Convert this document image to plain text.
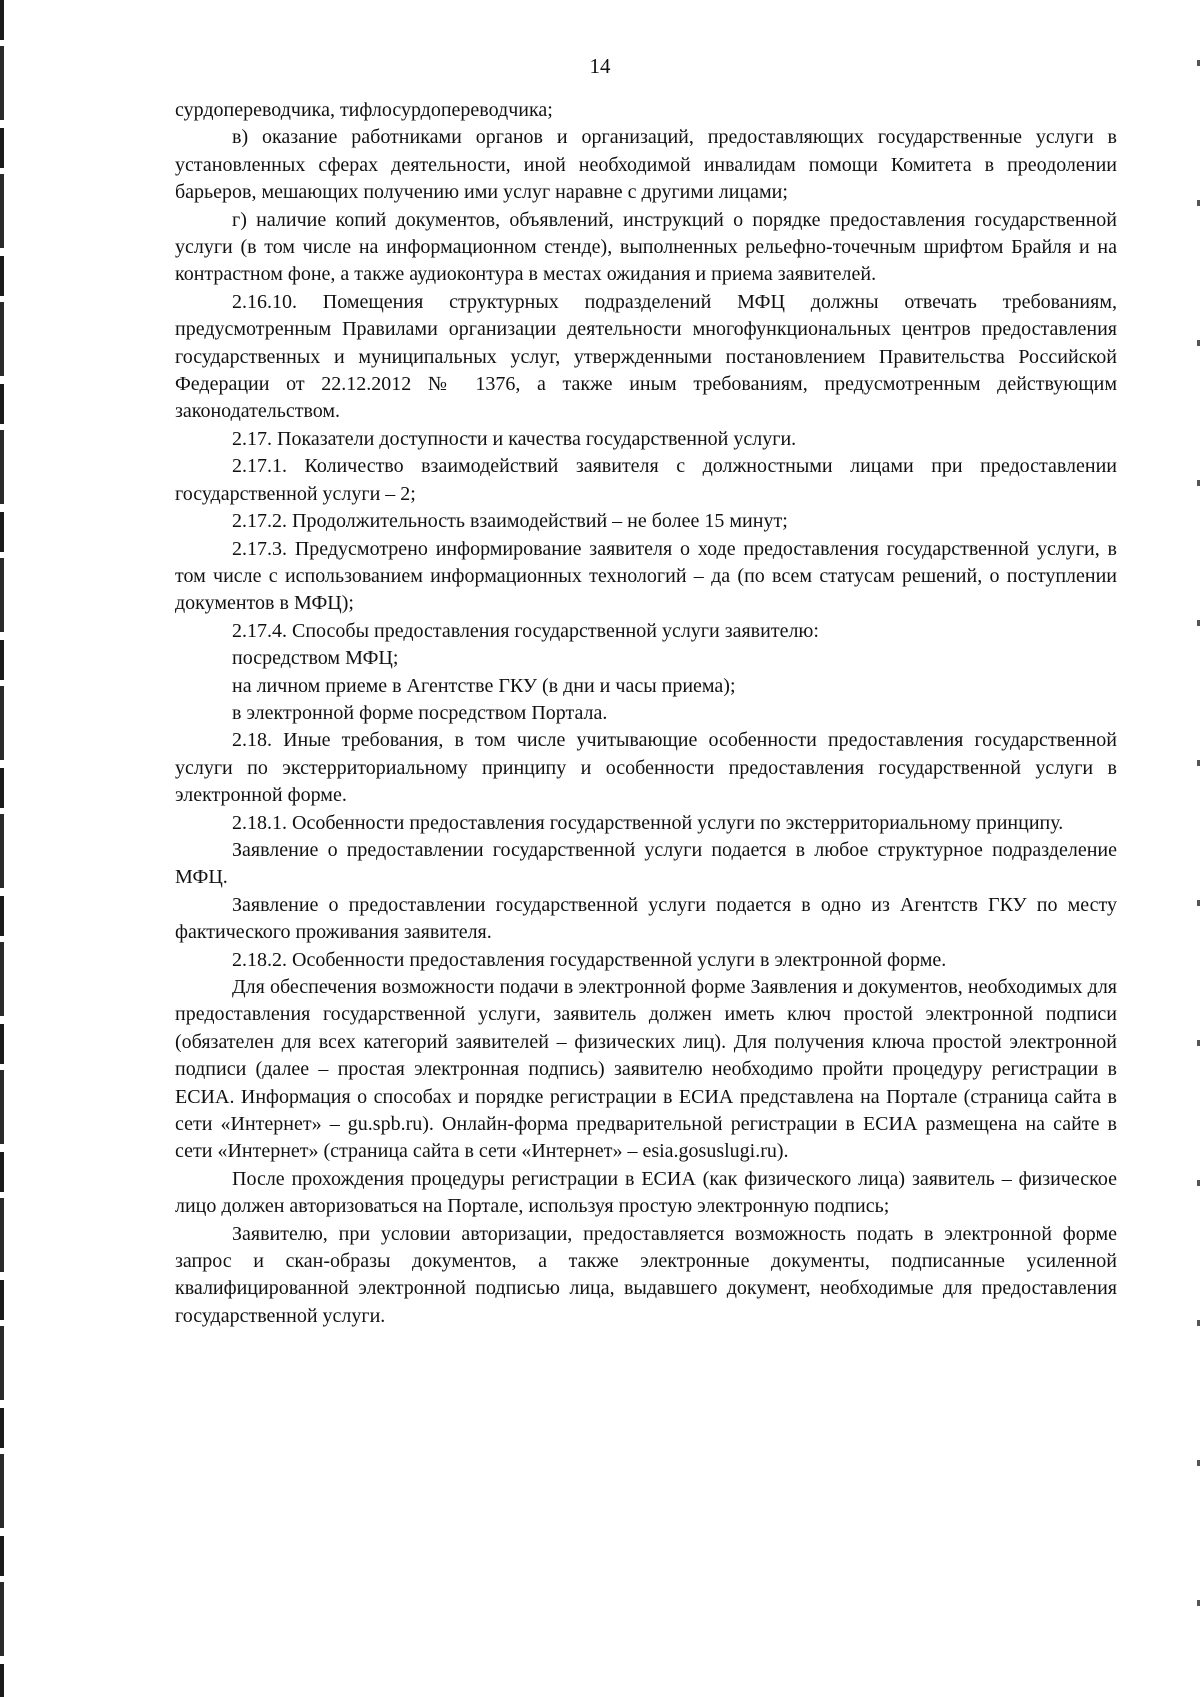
14

сурдопереводчика, тифлосурдопереводчика;

в) оказание работниками органов и организаций, предоставляющих государственные услуги в установленных сферах деятельности, иной необходимой инвалидам помощи Комитета в преодолении барьеров, мешающих получению ими услуг наравне с другими лицами;

г) наличие копий документов, объявлений, инструкций о порядке предоставления государственной услуги (в том числе на информационном стенде), выполненных рельефно-точечным шрифтом Брайля и на контрастном фоне, а также аудиоконтура в местах ожидания и приема заявителей.

2.16.10. Помещения структурных подразделений МФЦ должны отвечать требованиям, предусмотренным Правилами организации деятельности многофункциональных центров предоставления государственных и муниципальных услуг, утвержденными постановлением Правительства Российской Федерации от 22.12.2012 № 1376, а также иным требованиям, предусмотренным действующим законодательством.

2.17. Показатели доступности и качества государственной услуги.

2.17.1. Количество взаимодействий заявителя с должностными лицами при предоставлении государственной услуги – 2;

2.17.2. Продолжительность взаимодействий – не более 15 минут;

2.17.3. Предусмотрено информирование заявителя о ходе предоставления государственной услуги, в том числе с использованием информационных технологий – да (по всем статусам решений, о поступлении документов в МФЦ);

2.17.4. Способы предоставления государственной услуги заявителю:

посредством МФЦ;

на личном приеме в Агентстве ГКУ (в дни и часы приема);

в электронной форме посредством Портала.

2.18. Иные требования, в том числе учитывающие особенности предоставления государственной услуги по экстерриториальному принципу и особенности предоставления государственной услуги в электронной форме.

2.18.1. Особенности предоставления государственной услуги по экстерриториальному принципу.

Заявление о предоставлении государственной услуги подается в любое структурное подразделение МФЦ.

Заявление о предоставлении государственной услуги подается в одно из Агентств ГКУ по месту фактического проживания заявителя.

2.18.2. Особенности предоставления государственной услуги в электронной форме.

Для обеспечения возможности подачи в электронной форме Заявления и документов, необходимых для предоставления государственной услуги, заявитель должен иметь ключ простой электронной подписи (обязателен для всех категорий заявителей – физических лиц). Для получения ключа простой электронной подписи (далее – простая электронная подпись) заявителю необходимо пройти процедуру регистрации в ЕСИА. Информация о способах и порядке регистрации в ЕСИА представлена на Портале (страница сайта в сети «Интернет» – gu.spb.ru). Онлайн-форма предварительной регистрации в ЕСИА размещена на сайте в сети «Интернет» (страница сайта в сети «Интернет» – esia.gosuslugi.ru).

После прохождения процедуры регистрации в ЕСИА (как физического лица) заявитель – физическое лицо должен авторизоваться на Портале, используя простую электронную подпись;

Заявителю, при условии авторизации, предоставляется возможность подать в электронной форме запрос и скан-образы документов, а также электронные документы, подписанные усиленной квалифицированной электронной подписью лица, выдавшего документ, необходимые для предоставления государственной услуги.
